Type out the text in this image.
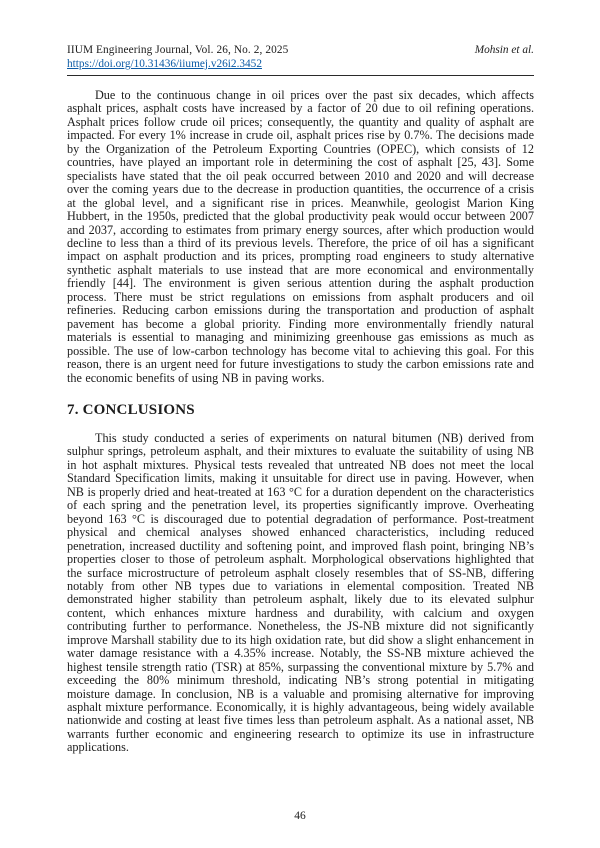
IIUM Engineering Journal, Vol. 26, No. 2, 2025	Mohsin et al.
https://doi.org/10.31436/iiumej.v26i2.3452

Due to the continuous change in oil prices over the past six decades, which affects asphalt prices, asphalt costs have increased by a factor of 20 due to oil refining operations. Asphalt prices follow crude oil prices; consequently, the quantity and quality of asphalt are impacted. For every 1% increase in crude oil, asphalt prices rise by 0.7%. The decisions made by the Organization of the Petroleum Exporting Countries (OPEC), which consists of 12 countries, have played an important role in determining the cost of asphalt [25, 43]. Some specialists have stated that the oil peak occurred between 2010 and 2020 and will decrease over the coming years due to the decrease in production quantities, the occurrence of a crisis at the global level, and a significant rise in prices. Meanwhile, geologist Marion King Hubbert, in the 1950s, predicted that the global productivity peak would occur between 2007 and 2037, according to estimates from primary energy sources, after which production would decline to less than a third of its previous levels. Therefore, the price of oil has a significant impact on asphalt production and its prices, prompting road engineers to study alternative synthetic asphalt materials to use instead that are more economical and environmentally friendly [44]. The environment is given serious attention during the asphalt production process. There must be strict regulations on emissions from asphalt producers and oil refineries. Reducing carbon emissions during the transportation and production of asphalt pavement has become a global priority. Finding more environmentally friendly natural materials is essential to managing and minimizing greenhouse gas emissions as much as possible. The use of low-carbon technology has become vital to achieving this goal. For this reason, there is an urgent need for future investigations to study the carbon emissions rate and the economic benefits of using NB in paving works.

7. CONCLUSIONS

This study conducted a series of experiments on natural bitumen (NB) derived from sulphur springs, petroleum asphalt, and their mixtures to evaluate the suitability of using NB in hot asphalt mixtures. Physical tests revealed that untreated NB does not meet the local Standard Specification limits, making it unsuitable for direct use in paving. However, when NB is properly dried and heat-treated at 163 °C for a duration dependent on the characteristics of each spring and the penetration level, its properties significantly improve. Overheating beyond 163 °C is discouraged due to potential degradation of performance. Post-treatment physical and chemical analyses showed enhanced characteristics, including reduced penetration, increased ductility and softening point, and improved flash point, bringing NB’s properties closer to those of petroleum asphalt. Morphological observations highlighted that the surface microstructure of petroleum asphalt closely resembles that of SS-NB, differing notably from other NB types due to variations in elemental composition. Treated NB demonstrated higher stability than petroleum asphalt, likely due to its elevated sulphur content, which enhances mixture hardness and durability, with calcium and oxygen contributing further to performance. Nonetheless, the JS-NB mixture did not significantly improve Marshall stability due to its high oxidation rate, but did show a slight enhancement in water damage resistance with a 4.35% increase. Notably, the SS-NB mixture achieved the highest tensile strength ratio (TSR) at 85%, surpassing the conventional mixture by 5.7% and exceeding the 80% minimum threshold, indicating NB’s strong potential in mitigating moisture damage. In conclusion, NB is a valuable and promising alternative for improving asphalt mixture performance. Economically, it is highly advantageous, being widely available nationwide and costing at least five times less than petroleum asphalt. As a national asset, NB warrants further economic and engineering research to optimize its use in infrastructure applications.

46
